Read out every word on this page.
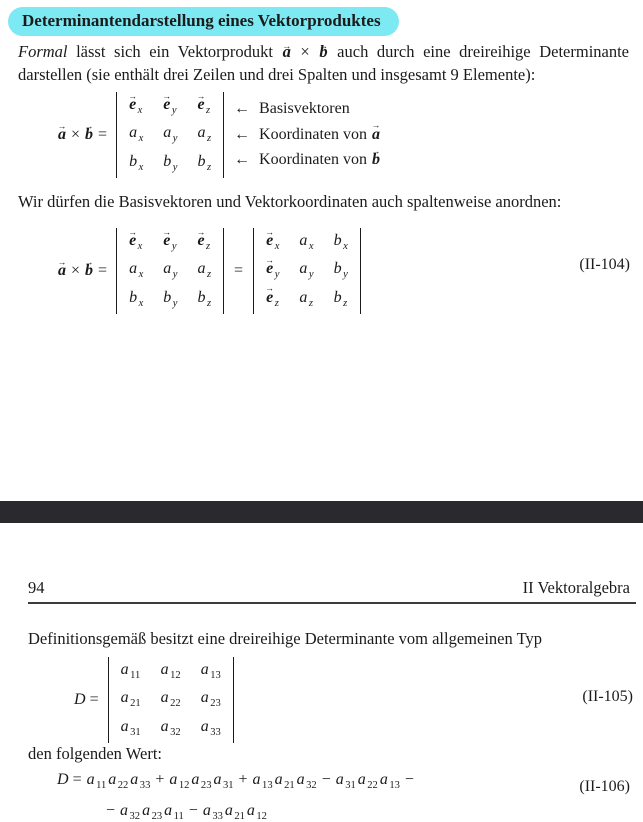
Determinantendarstellung eines Vektorproduktes

Formal lässt sich ein Vektorprodukt a → × b → auch durch eine dreireihige Determinante darstellen (sie enthält drei Zeilen und drei Spalten und insgesamt 9 Elemente):

a → × b → =
e → $_x$ e → $_y$ e → $_z$
a $_x$ a $_y$ a $_z$
b $_x$ b $_y$ b $_z$
← Basisvektoren
← Koordinaten von a →
← Koordinaten von b →

Wir dürfen die Basisvektoren und Vektorkoordinaten auch spaltenweise anordnen:

a → × b → =
e → $_x$ e → $_y$ e → $_z$
a $_x$ a $_y$ a $_z$
b $_x$ b $_y$ b $_z$
=
e → $_x$ a $_x$ b $_x$
e → $_y$ a $_y$ b $_y$
e → $_z$ a $_z$ b $_z$
(II-104)
94	II Vektoralgebra

Definitionsgemäß besitzt eine dreireihige Determinante vom allgemeinen Typ

D =
a $_{11}$ a $_{12}$ a $_{13}$
a $_{21}$ a $_{22}$ a $_{23}$
a $_{31}$ a $_{32}$ a $_{33}$
(II-105)

den folgenden Wert:

D = a $_{11}$ a $_{22}$ a $_{33}$ + a $_{12}$ a $_{23}$ a $_{31}$ + a $_{13}$ a $_{21}$ a $_{32}$ − a $_{31}$ a $_{22}$ a $_{13}$ −
− a $_{32}$ a $_{23}$ a $_{11}$ − a $_{33}$ a $_{21}$ a $_{12}$
(II-106)
